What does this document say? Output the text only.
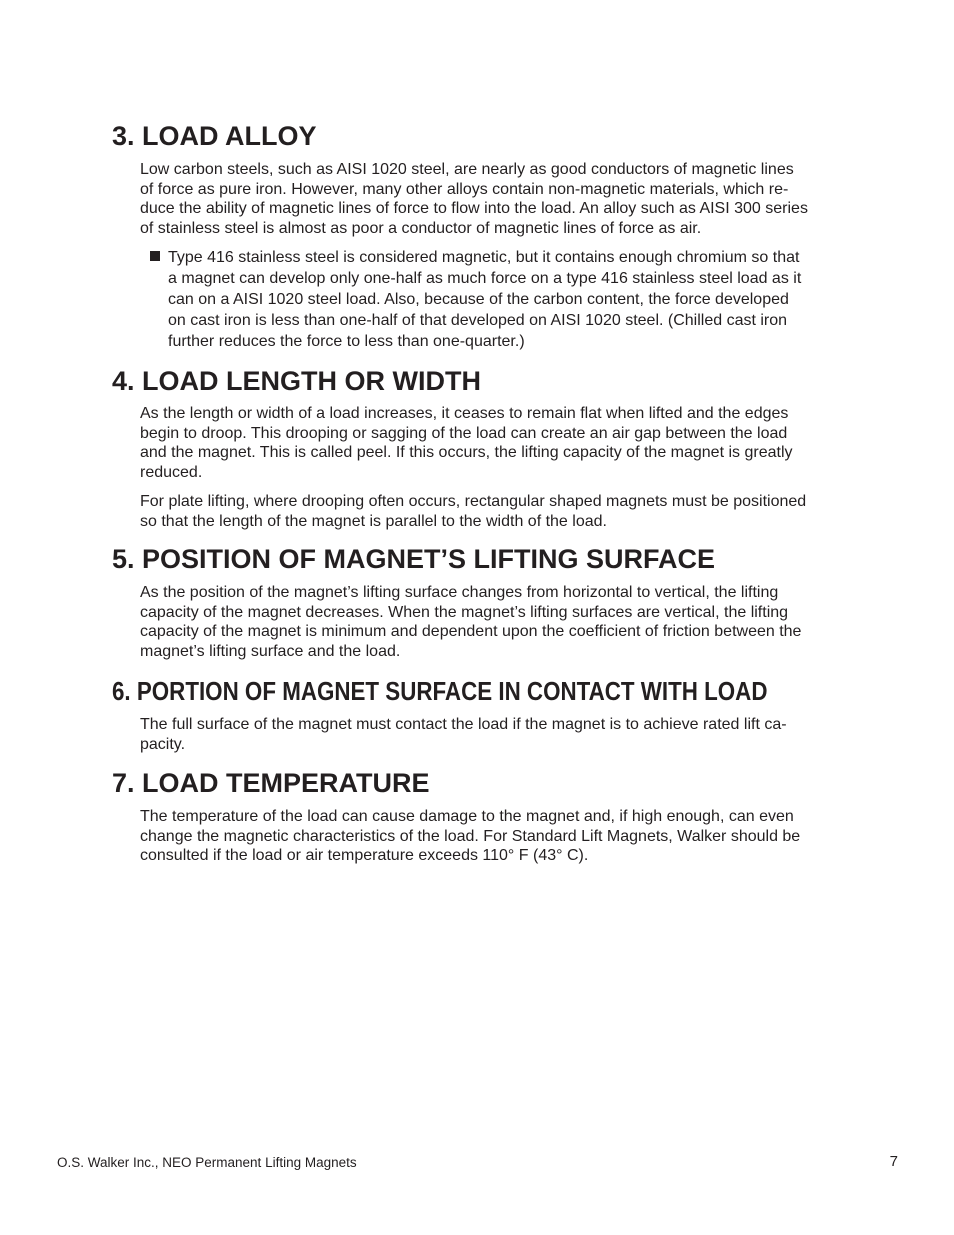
3. LOAD ALLOY
Low carbon steels, such as AISI 1020 steel, are nearly as good conductors of magnetic lines
of force as pure iron. However, many other alloys contain non-magnetic materials, which re-
duce the ability of magnetic lines of force to flow into the load. An alloy such as AISI 300 series
of stainless steel is almost as poor a conductor of magnetic lines of force as air.
Type 416 stainless steel is considered magnetic, but it contains enough chromium so that
a magnet can develop only one-half as much force on a type 416 stainless steel load as it
can on a AISI 1020 steel load. Also, because of the carbon content, the force developed
on cast iron is less than one-half of that developed on AISI 1020 steel. (Chilled cast iron
further reduces the force to less than one-quarter.)
4. LOAD LENGTH OR WIDTH
As the length or width of a load increases, it ceases to remain flat when lifted and the edges
begin to droop. This drooping or sagging of the load can create an air gap between the load
and the magnet. This is called peel. If this occurs, the lifting capacity of the magnet is greatly
reduced.
For plate lifting, where drooping often occurs, rectangular shaped magnets must be positioned
so that the length of the magnet is parallel to the width of the load.
5. POSITION OF MAGNET’S LIFTING SURFACE
As the position of the magnet’s lifting surface changes from horizontal to vertical, the lifting
capacity of the magnet decreases. When the magnet’s lifting surfaces are vertical, the lifting
capacity of the magnet is minimum and dependent upon the coefficient of friction between the
magnet’s lifting surface and the load.
6. PORTION OF MAGNET SURFACE IN CONTACT WITH LOAD
The full surface of the magnet must contact the load if the magnet is to achieve rated lift ca-
pacity.
7. LOAD TEMPERATURE
The temperature of the load can cause damage to the magnet and, if high enough, can even
change the magnetic characteristics of the load. For Standard Lift Magnets, Walker should be
consulted if the load or air temperature exceeds 110° F (43° C).
O.S. Walker Inc., NEO Permanent Lifting Magnets	7
